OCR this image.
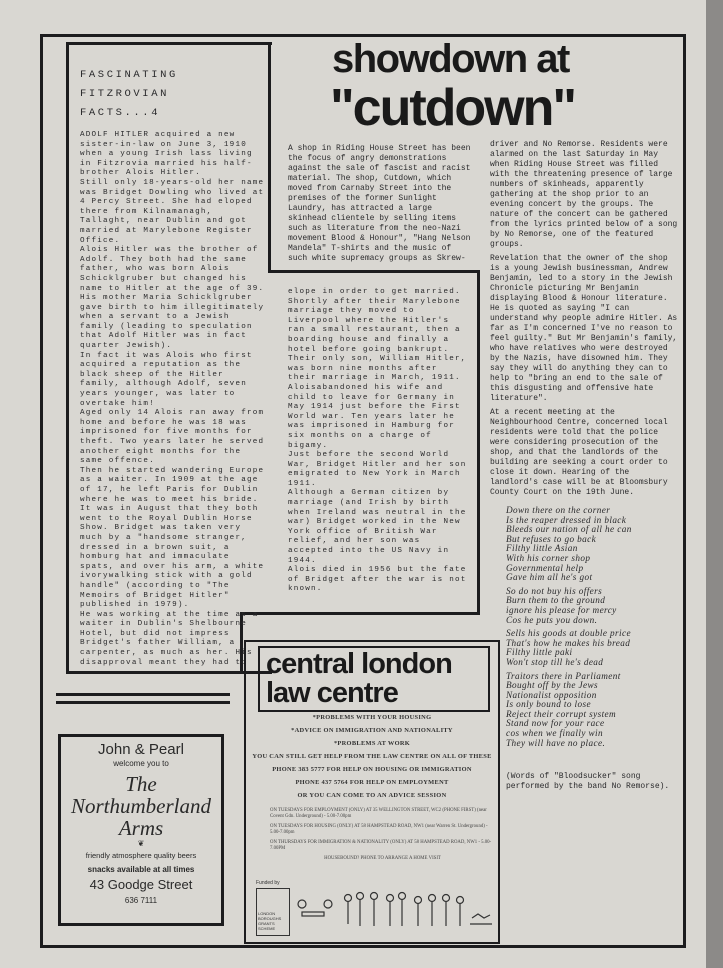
FASCINATING FITZROVIAN
FACTS...4

ADOLF HITLER acquired a new sister-in-law on June 3, 1910 when a young Irish lass living in Fitzrovia married his half-brother Alois Hitler.

Still only 18-years-old her name was Bridget Dowling who lived at 4 Percy Street. She had eloped there from Kilnamanagh, Tallaght, near Dublin and got married at Marylebone Register Office.

Alois Hitler was the brother of Adolf. They both had the same father, who was born Alois Schicklgruber but changed his name to Hitler at the age of 39. His mother Maria Schicklgruber gave birth to him illegitimately when a servant to a Jewish family (leading to speculation that Adolf Hitler was in fact quarter Jewish).

In fact it was Alois who first acquired a reputation as the black sheep of the Hitler family, although Adolf, seven years younger, was later to overtake him!

Aged only 14 Alois ran away from home and before he was 18 was imprisoned for five months for theft. Two years later he served another eight months for the same offence.

Then he started wandering Europe as a waiter. In 1909 at the age of 17, he left Paris for Dublin where he was to meet his bride. It was in August that they both went to the Royal Dublin Horse Show. Bridget was taken very much by a "handsome stranger, dressed in a brown suit, a homburg hat and immaculate spats, and over his arm, a white ivorywalking stick with a gold handle" (according to "The Memoirs of Bridget Hitler" published in 1979).

He was working at the time as a waiter in Dublin's Shelbourne Hotel, but did not impress Bridget's father William, a carpenter, as much as her. His disapproval meant they had to

elope in order to get married. Shortly after their Marylebone marriage they moved to Liverpool where the Hitler's ran a small restaurant, then a boarding house and finally a hotel before going bankrupt. Their only son, William Hitler, was born nine months after their marriage in March, 1911.

Aloisabandoned his wife and child to leave for Germany in May 1914 just before the First World war. Ten years later he was imprisoned in Hamburg for six months on a charge of bigamy.

Just before the second World War, Bridget Hitler and her son emigrated to New York in March 1911.

Although a German citizen by marriage (and Irish by birth when Ireland was neutral in the war) Bridget worked in the New York office of British War relief, and her son was accepted into the US Navy in 1944.

Alois died in 1956 but the fate of Bridget after the war is not known.

showdown at
"cutdown"

A shop in Riding House Street has been the focus of angry demonstrations against the sale of fascist and racist material. The shop, Cutdown, which moved from Carnaby Street into the premises of the former Sunlight Laundry, has attracted a large skinhead clientele by selling items such as literature from the neo-Nazi movement Blood & Honour", "Hang Nelson Mandela" T-shirts and the music of such white supremacy groups as Skrew-

driver and No Remorse. Residents were alarmed on the last Saturday in May when Riding House Street was filled with the threatening presence of large numbers of skinheads, apparently gathering at the shop prior to an evening concert by the groups. The nature of the concert can be gathered from the lyrics printed below of a song by No Remorse, one of the featured groups.

Revelation that the owner of the shop is a young Jewish businessman, Andrew Benjamin, led to a story in the Jewish Chronicle picturing Mr Benjamin displaying Blood & Honour literature. He is quoted as saying "I can understand why people admire Hitler. As far as I'm concerned I've no reason to feel guilty." But Mr Benjamin's family, who have relatives who were destroyed by the Nazis, have disowned him. They say they will do anything they can to help to "bring an end to the sale of this disgusting and offensive hate literature".

At a recent meeting at the Neighbourhood Centre, concerned local residents were told that the police were considering prosecution of the shop, and that the landlords of the building are seeking a court order to close it down. Hearing of the landlord's case will be at Bloomsbury County Court on the 19th June.

Down there on the corner
Is the reaper dressed in black
Bleeds our nation of all he can
But refuses to go back
Filthy little Asian
With his corner shop
Governmental help
Gave him all he's got

So do not buy his offers
Burn them to the ground
ignore his please for mercy
Cos he puts you down.

Sells his goods at double price
That's how he makes his bread
Filthy little paki
Won't stop till he's dead

Traitors there in Parliament
Bought off by the Jews
Nationalist opposition
Is only bound to lose
Reject their corrupt system
Stand now for your race
cos when we finally win
They will have no place.

(Words of "Bloodsucker" song performed by the band No Remorse).
central london
law centre
*PROBLEMS WITH YOUR HOUSING
*ADVICE ON IMMIGRATION AND NATIONALITY
*PROBLEMS AT WORK
YOU CAN STILL GET HELP FROM THE LAW CENTRE ON ALL OF THESE
PHONE 383 5777 FOR HELP ON HOUSING OR IMMIGRATION
PHONE 437 5764 FOR HELP ON EMPLOYMENT
OR YOU CAN COME TO AN ADVICE SESSION
ON TUESDAYS FOR EMPLOYMENT (ONLY) AT 35 WELLINGTON STREET, WC2 (PHONE FIRST) (near Covent Gdn. Underground) - 5.00-7.00pm
ON TUESDAYS FOR HOUSING (ONLY) AT 58 HAMPSTEAD ROAD, NW1 (near Warren St. Underground) - 5.00-7.00pm
ON THURSDAYS FOR IMMIGRATION & NATIONALITY (ONLY) AT 58 HAMPSTEAD ROAD, NW1 - 5.00-7.00PM
HOUSEBOUND? PHONE TO ARRANGE A HOME VISIT
Funded by
LONDON BOROUGHS GRANTS SCHEME
John & Pearl
welcome you to
The
Northumberland
Arms
❦
friendly atmosphere quality beers
snacks available at all times
43 Goodge Street
636 7111
